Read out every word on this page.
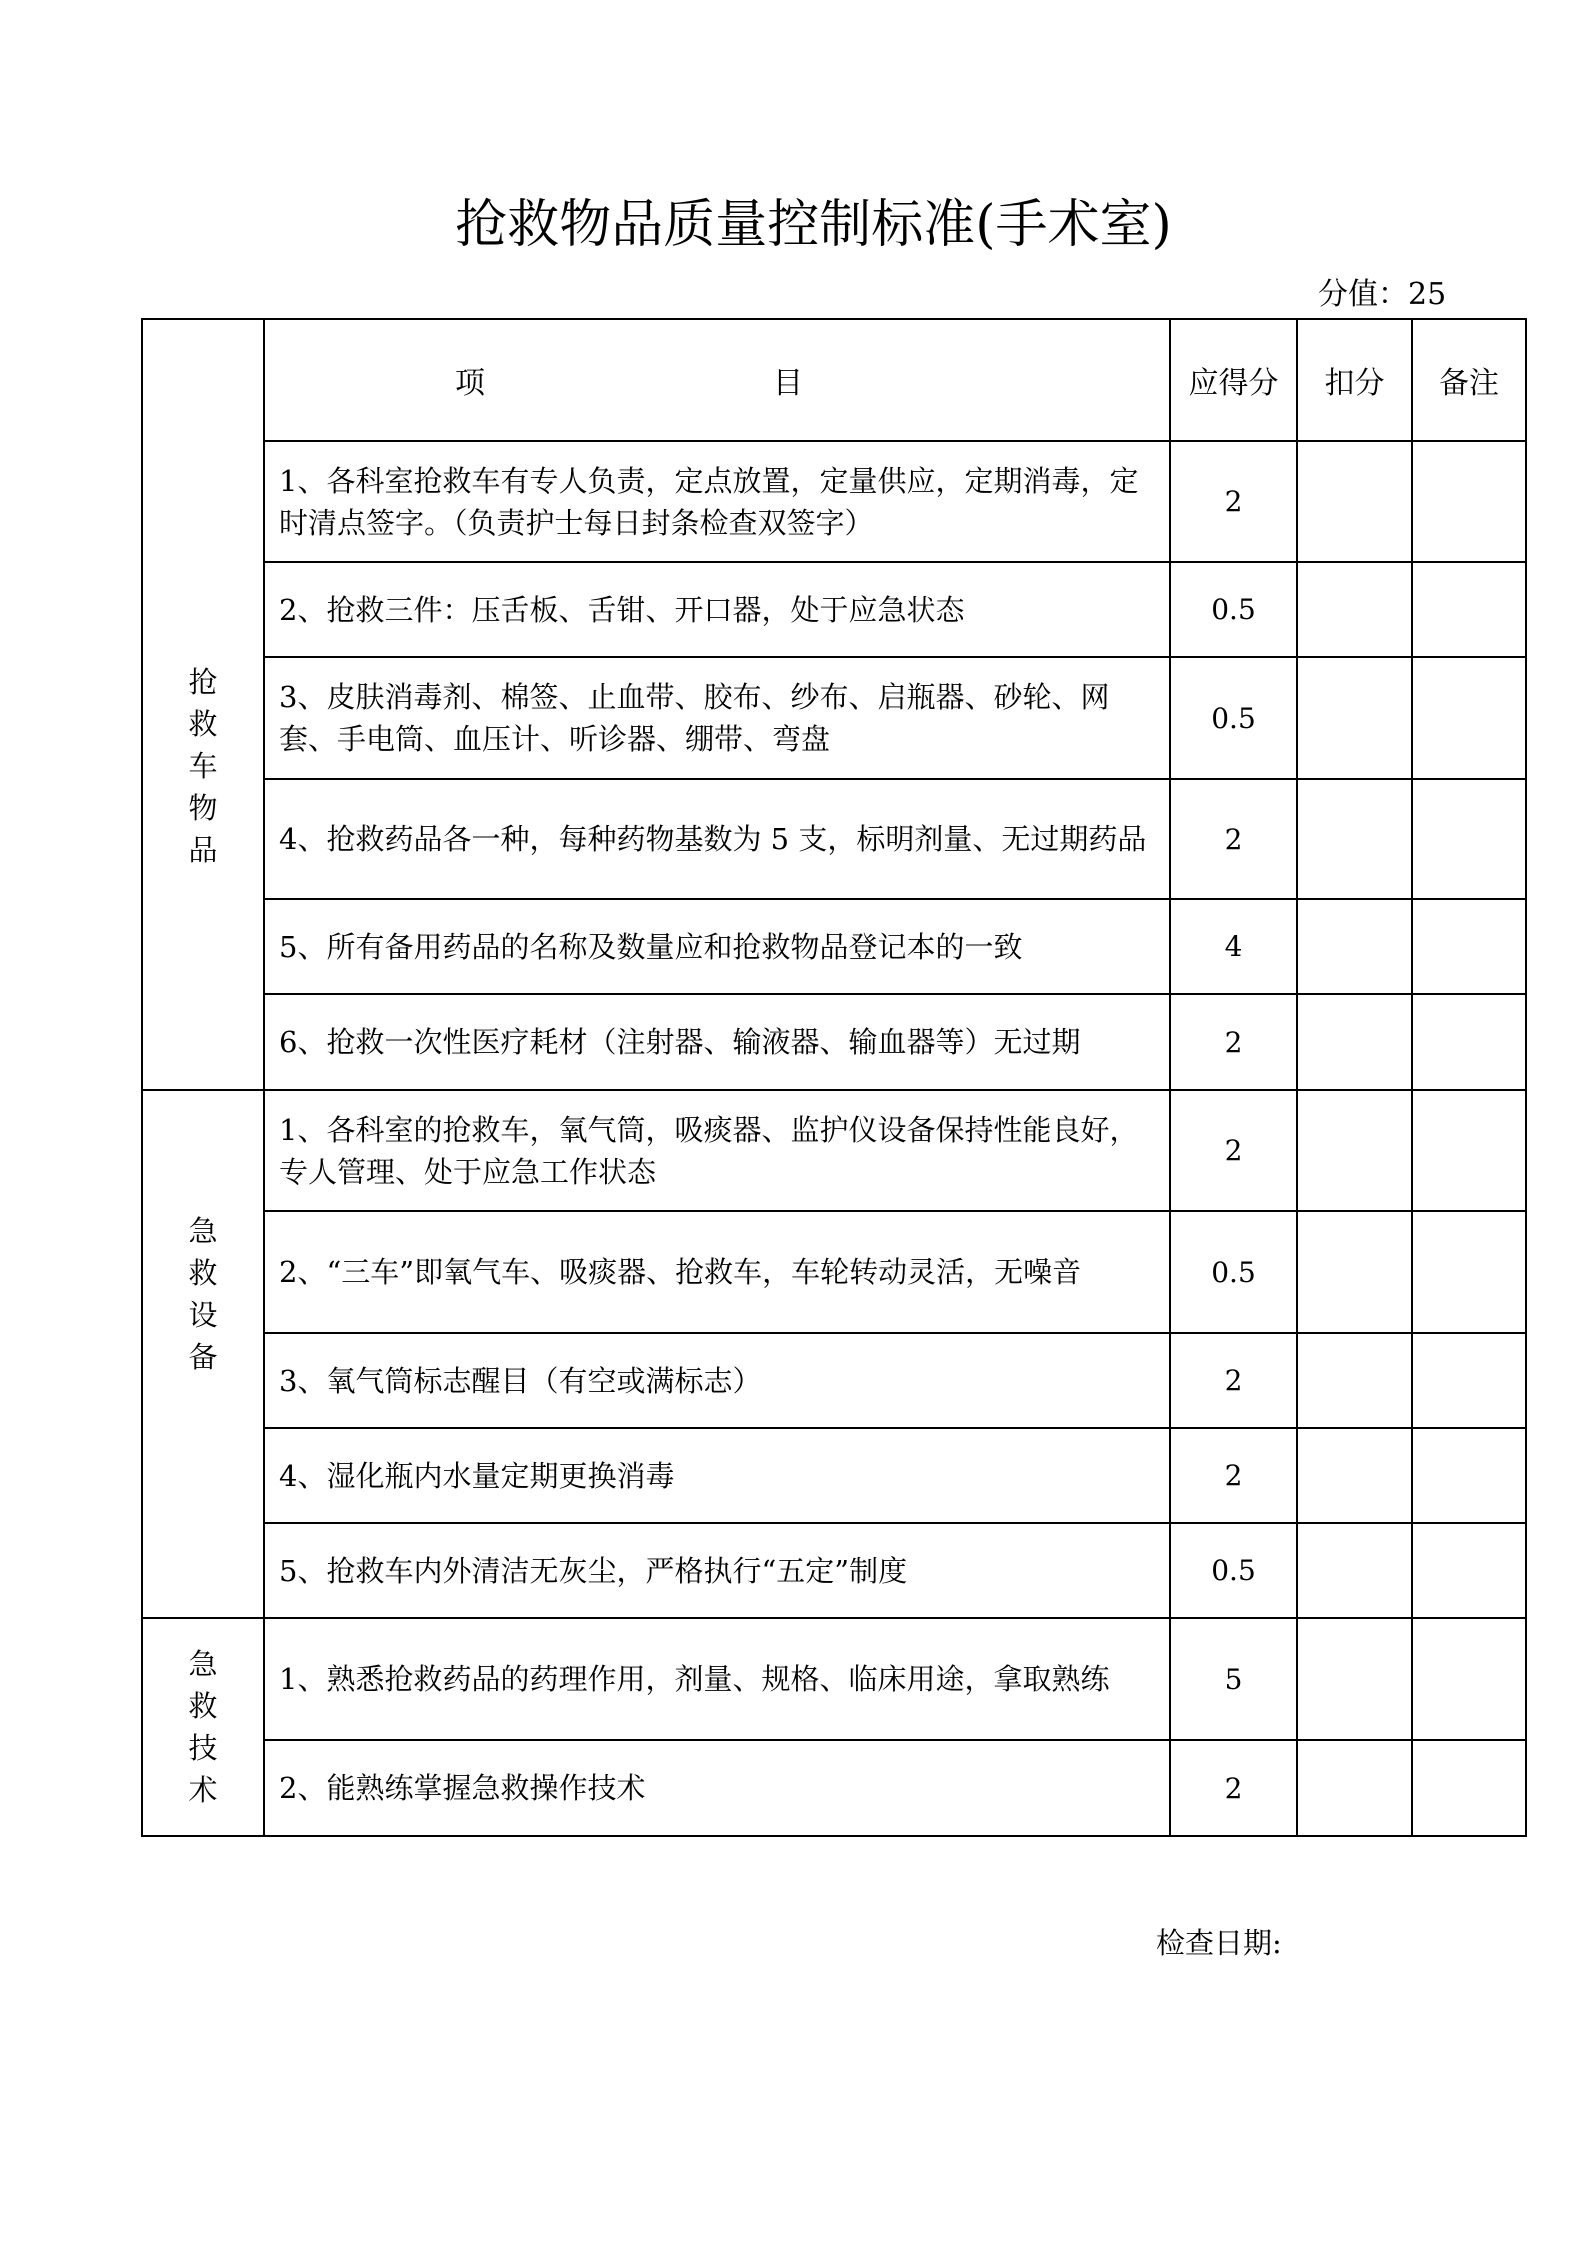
抢救物品质量控制标准(手术室)
分值：25
抢救车物品	项 目	应得分	扣分	备注
	1、各科室抢救车有专人负责，定点放置，定量供应，定期消毒，定时清点签字。（负责护士每日封条检查双签字）	2		
	2、抢救三件：压舌板、舌钳、开口器，处于应急状态	0.5		
	3、皮肤消毒剂、棉签、止血带、胶布、纱布、启瓶器、砂轮、网套、手电筒、血压计、听诊器、绷带、弯盘	0.5		
	4、抢救药品各一种，每种药物基数为 5 支，标明剂量、无过期药品	2		
	5、所有备用药品的名称及数量应和抢救物品登记本的一致	4		
	6、抢救一次性医疗耗材（注射器、输液器、输血器等）无过期	2		
急救设备	1、各科室的抢救车，氧气筒，吸痰器、监护仪设备保持性能良好，专人管理、处于应急工作状态	2		
	2、“三车”即氧气车、吸痰器、抢救车，车轮转动灵活，无噪音	0.5		
	3、氧气筒标志醒目（有空或满标志）	2		
	4、湿化瓶内水量定期更换消毒	2		
	5、抢救车内外清洁无灰尘，严格执行“五定”制度	0.5		
急救技术	1、熟悉抢救药品的药理作用，剂量、规格、临床用途，拿取熟练	5		
	2、能熟练掌握急救操作技术	2		
检查日期:
